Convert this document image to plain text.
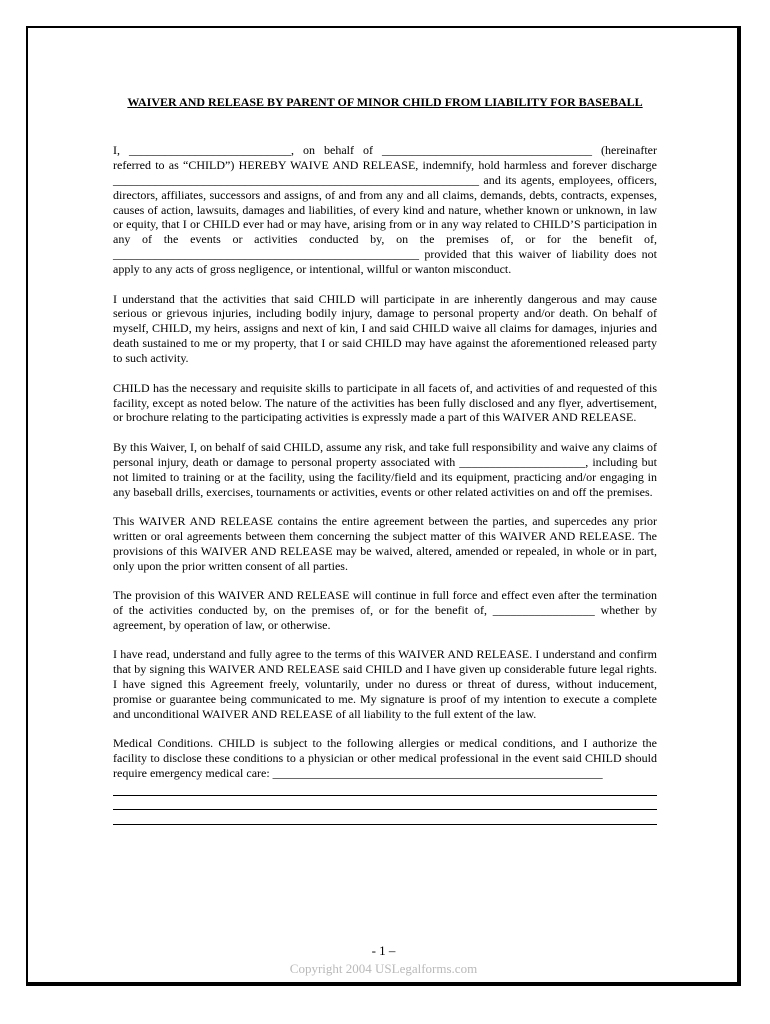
WAIVER AND RELEASE BY PARENT OF MINOR CHILD FROM LIABILITY FOR BASEBALL

I, ___________________________, on behalf of ___________________________________ (hereinafter referred to as “CHILD”) HEREBY WAIVE AND RELEASE, indemnify, hold harmless and forever discharge _____________________________________________________________ and its agents, employees, officers, directors, affiliates, successors and assigns, of and from any and all claims, demands, debts, contracts, expenses, causes of action, lawsuits, damages and liabilities, of every kind and nature, whether known or unknown, in law or equity, that I or CHILD ever had or may have, arising from or in any way related to CHILD’S participation in any of the events or activities conducted by, on the premises of, or for the benefit of, ___________________________________________________ provided that this waiver of liability does not apply to any acts of gross negligence, or intentional, willful or wanton misconduct.

I understand that the activities that said CHILD will participate in are inherently dangerous and may cause serious or grievous injuries, including bodily injury, damage to personal property and/or death. On behalf of myself, CHILD, my heirs, assigns and next of kin, I and said CHILD waive all claims for damages, injuries and death sustained to me or my property, that I or said CHILD may have against the aforementioned released party to such activity.

CHILD has the necessary and requisite skills to participate in all facets of, and activities of and requested of this facility, except as noted below. The nature of the activities has been fully disclosed and any flyer, advertisement, or brochure relating to the participating activities is expressly made a part of this WAIVER AND RELEASE.

By this Waiver, I, on behalf of said CHILD, assume any risk, and take full responsibility and waive any claims of personal injury, death or damage to personal property associated with _____________________, including but not limited to training or at the facility, using the facility/field and its equipment, practicing and/or engaging in any baseball drills, exercises, tournaments or activities, events or other related activities on and off the premises.

This WAIVER AND RELEASE contains the entire agreement between the parties, and supercedes any prior written or oral agreements between them concerning the subject matter of this WAIVER AND RELEASE. The provisions of this WAIVER AND RELEASE may be waived, altered, amended or repealed, in whole or in part, only upon the prior written consent of all parties.

The provision of this WAIVER AND RELEASE will continue in full force and effect even after the termination of the activities conducted by, on the premises of, or for the benefit of, _________________ whether by agreement, by operation of law, or otherwise.

I have read, understand and fully agree to the terms of this WAIVER AND RELEASE. I understand and confirm that by signing this WAIVER AND RELEASE said CHILD and I have given up considerable future legal rights. I have signed this Agreement freely, voluntarily, under no duress or threat of duress, without inducement, promise or guarantee being communicated to me. My signature is proof of my intention to execute a complete and unconditional WAIVER AND RELEASE of all liability to the full extent of the law.

Medical Conditions. CHILD is subject to the following allergies or medical conditions, and I authorize the facility to disclose these conditions to a physician or other medical professional in the event said CHILD should require emergency medical care: _______________________________________________________

- 1 –
Copyright 2004 USLegalforms.com
